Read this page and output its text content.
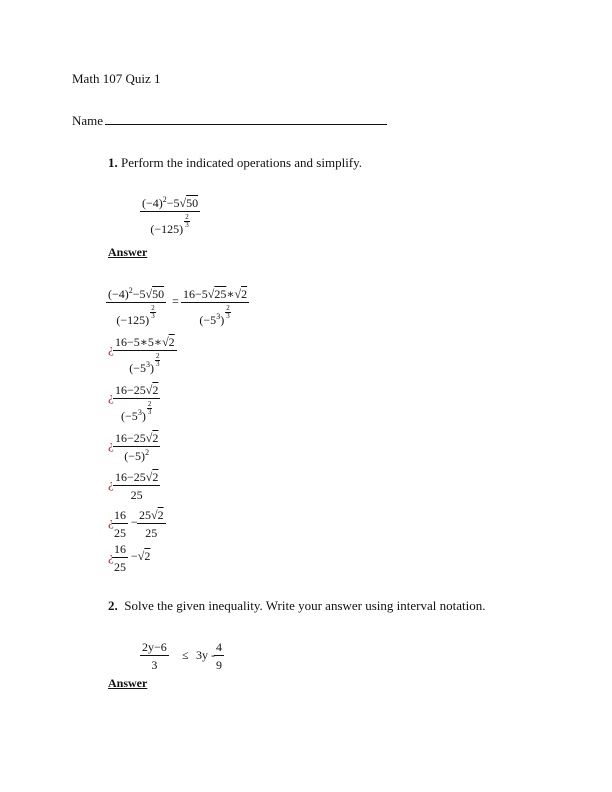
Math 107 Quiz 1
Name
1. Perform the indicated operations and simplify.
$\frac{(-4)^2-5√50}{(-125) \frac{2}{3}}$
Answer
$\frac{(-4)^2-5√50}{(-125) \frac{2}{3}} = \frac{16-5√25∗√2}{(-5^3) \frac{2}{3}}$
¿ $\frac{16-5∗5∗√2}{(-5^3) \frac{2}{3}}$
¿ $\frac{16-25√2}{(-5^3) \frac{2}{3}}$
¿ $\frac{16-25√2}{(-5)^2}$
¿ $\frac{16-25√2}{25}$
¿
$\frac{16}{25} - \frac{25√2}{25}$
¿
$\frac{16}{25} -√2$
2. Solve the given inequality. Write your answer using interval notation.
$\frac{2y-6}{3} \le 3y - \frac{4}{9}$
Answer
